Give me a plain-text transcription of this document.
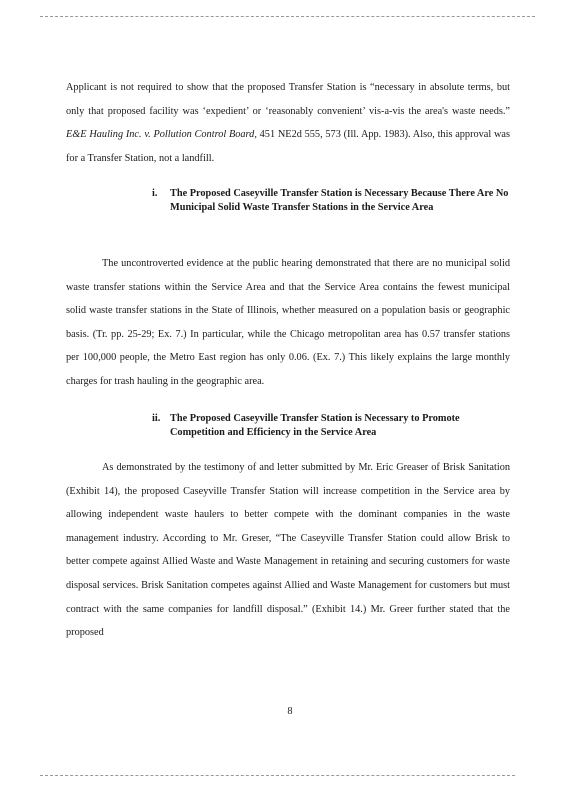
Applicant is not required to show that the proposed Transfer Station is “necessary in absolute terms, but only that proposed facility was ‘expedient’ or ‘reasonably convenient’ vis-a-vis the area's waste needs.” E&E Hauling Inc. v. Pollution Control Board, 451 NE2d 555, 573 (Ill. App. 1983). Also, this approval was for a Transfer Station, not a landfill.
i.	The Proposed Caseyville Transfer Station is Necessary Because There Are No Municipal Solid Waste Transfer Stations in the Service Area
The uncontroverted evidence at the public hearing demonstrated that there are no municipal solid waste transfer stations within the Service Area and that the Service Area contains the fewest municipal solid waste transfer stations in the State of Illinois, whether measured on a population basis or geographic basis. (Tr. pp. 25-29; Ex. 7.) In particular, while the Chicago metropolitan area has 0.57 transfer stations per 100,000 people, the Metro East region has only 0.06. (Ex. 7.) This likely explains the large monthly charges for trash hauling in the geographic area.
ii. The Proposed Caseyville Transfer Station is Necessary to Promote Competition and Efficiency in the Service Area
As demonstrated by the testimony of and letter submitted by Mr. Eric Greaser of Brisk Sanitation (Exhibit 14), the proposed Caseyville Transfer Station will increase competition in the Service area by allowing independent waste haulers to better compete with the dominant companies in the waste management industry. According to Mr. Greser, “The Caseyville Transfer Station could allow Brisk to better compete against Allied Waste and Waste Management in retaining and securing customers for waste disposal services. Brisk Sanitation competes against Allied and Waste Management for customers but must contract with the same companies for landfill disposal.” (Exhibit 14.) Mr. Greer further stated that the proposed
8
